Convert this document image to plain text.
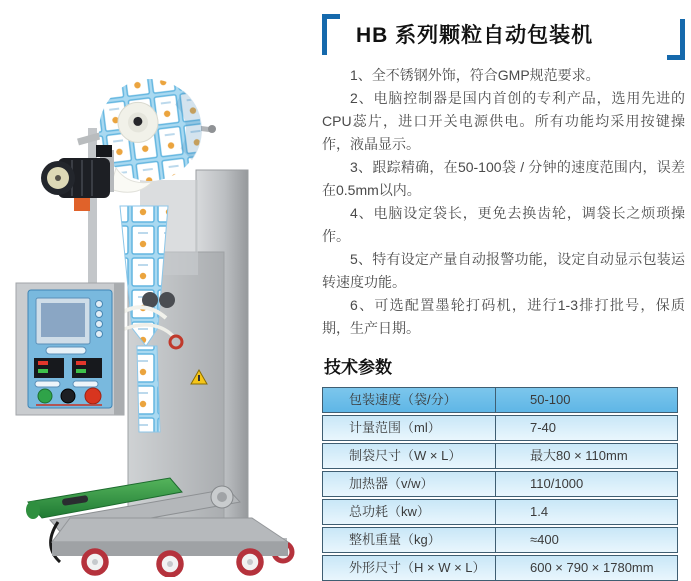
HB 系列颗粒自动包装机

1、全不锈钢外饰，符合GMP规范要求。

2、电脑控制器是国内首创的专利产品，选用先进的CPU蕊片，进口开关电源供电。所有功能均采用按键操作，液晶显示。

3、跟踪精确，在50-100袋 / 分钟的速度范围内，误差在0.5mm以内。

4、电脑设定袋长，更免去换齿轮，调袋长之烦琐操作。

5、特有设定产量自动报警功能，设定自动显示包装运转速度功能。

6、可选配置墨轮打码机，进行1-3排打批号，保质期，生产日期。

技术参数
包装速度（袋/分）	50-100
计量范围（ml）	7-40
制袋尺寸（W × L）	最大80 × 110mm
加热器（v/w）	110/1000
总功耗（kw）	1.4
整机重量（kg）	≈400
外形尺寸（H × W × L）	600 × 790 × 1780mm
